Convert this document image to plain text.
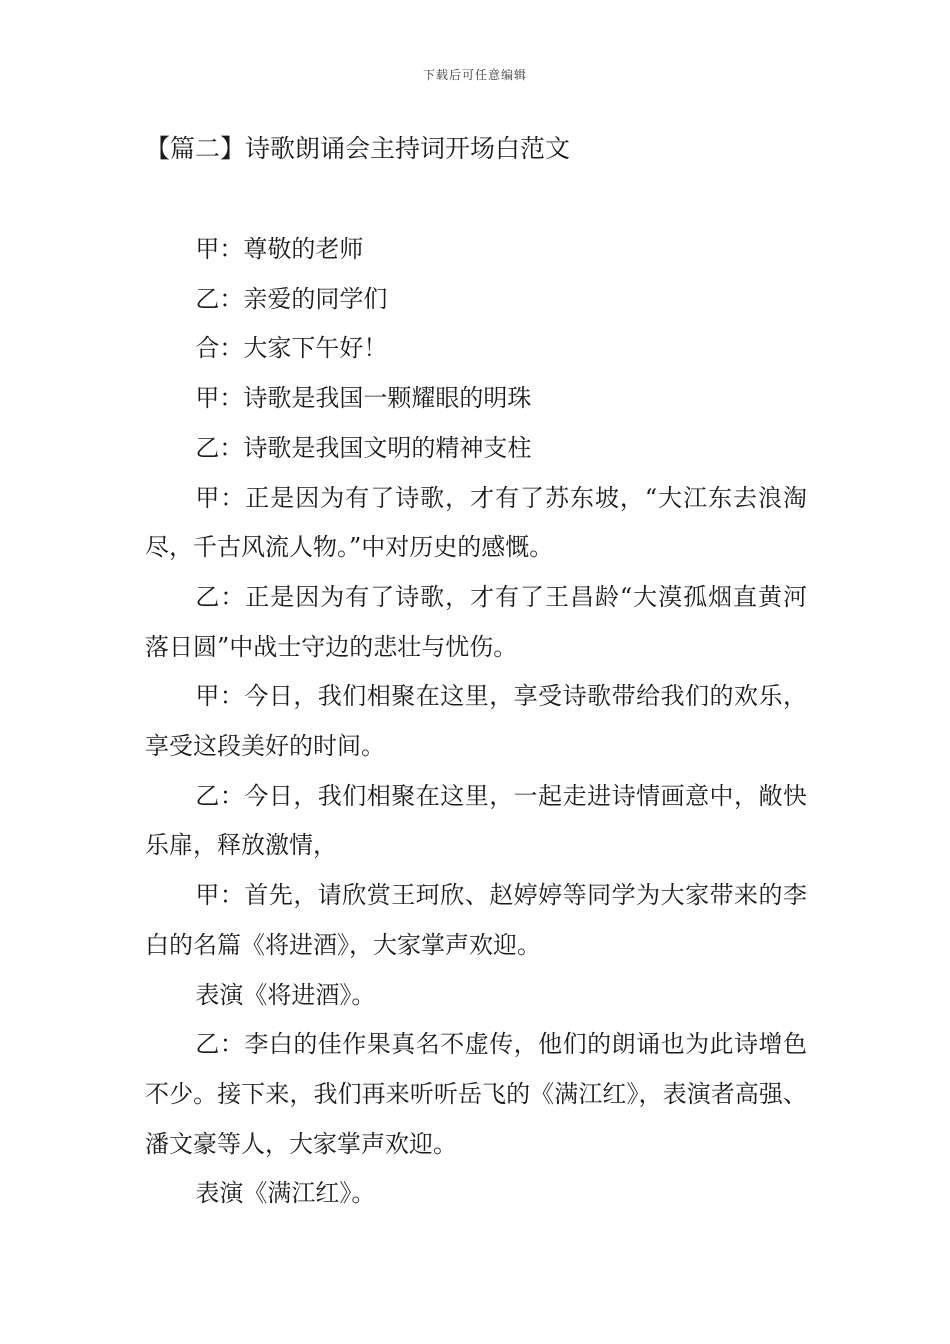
下载后可任意编辑
【篇二】诗歌朗诵会主持词开场白范文

甲：尊敬的老师

乙：亲爱的同学们

合：大家下午好！

甲：诗歌是我国一颗耀眼的明珠

乙：诗歌是我国文明的精神支柱

甲：正是因为有了诗歌，才有了苏东坡，“大江东去浪淘尽，千古风流人物。”中对历史的感慨。

乙：正是因为有了诗歌，才有了王昌龄“大漠孤烟直黄河落日圆”中战士守边的悲壮与忧伤。

甲：今日，我们相聚在这里，享受诗歌带给我们的欢乐，享受这段美好的时间。

乙：今日，我们相聚在这里，一起走进诗情画意中，敞快乐扉，释放激情，

甲：首先，请欣赏王珂欣、赵婷婷等同学为大家带来的李白的名篇《将进酒》，大家掌声欢迎。

表演《将进酒》。

乙：李白的佳作果真名不虚传，他们的朗诵也为此诗增色不少。接下来，我们再来听听岳飞的《满江红》，表演者高强、潘文豪等人，大家掌声欢迎。

表演《满江红》。
